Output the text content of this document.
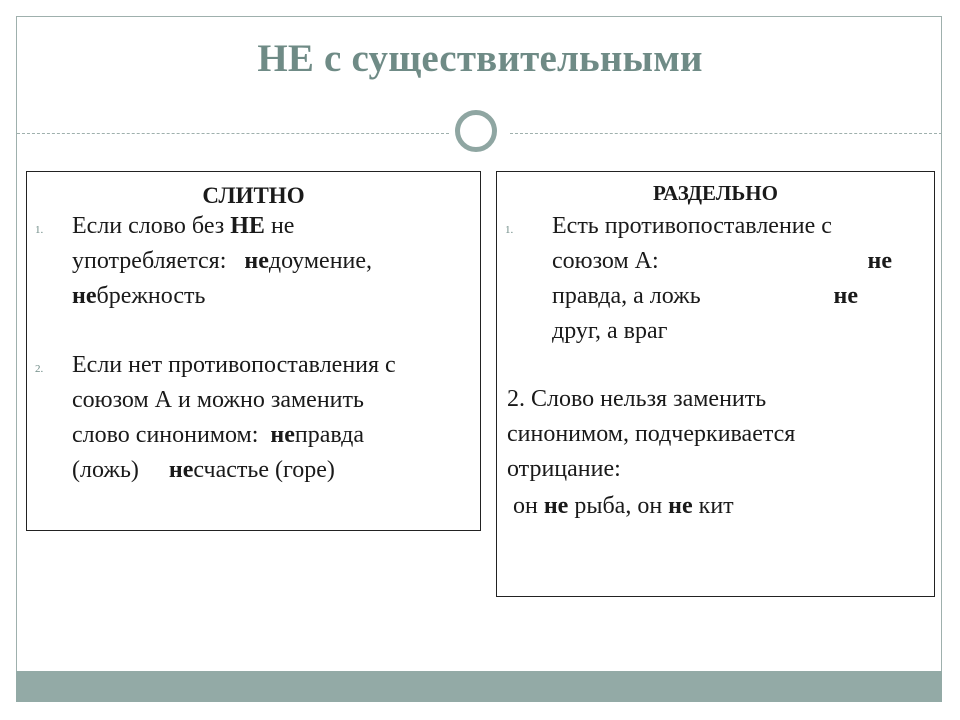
НЕ с существительными
СЛИТНО
1. Если слово без НЕ не
употребляется: недоумение,
небрежность
2. Если нет противопоставления с
союзом А и можно заменить
слово синонимом: неправда
(ложь) несчастье (горе)
РАЗДЕЛЬНО
1. Есть противопоставление с
союзом А:	не
правда, а ложь	не
друг, а враг
2. Слово нельзя заменить
синонимом, подчеркивается
отрицание:
он не рыба, он не кит
